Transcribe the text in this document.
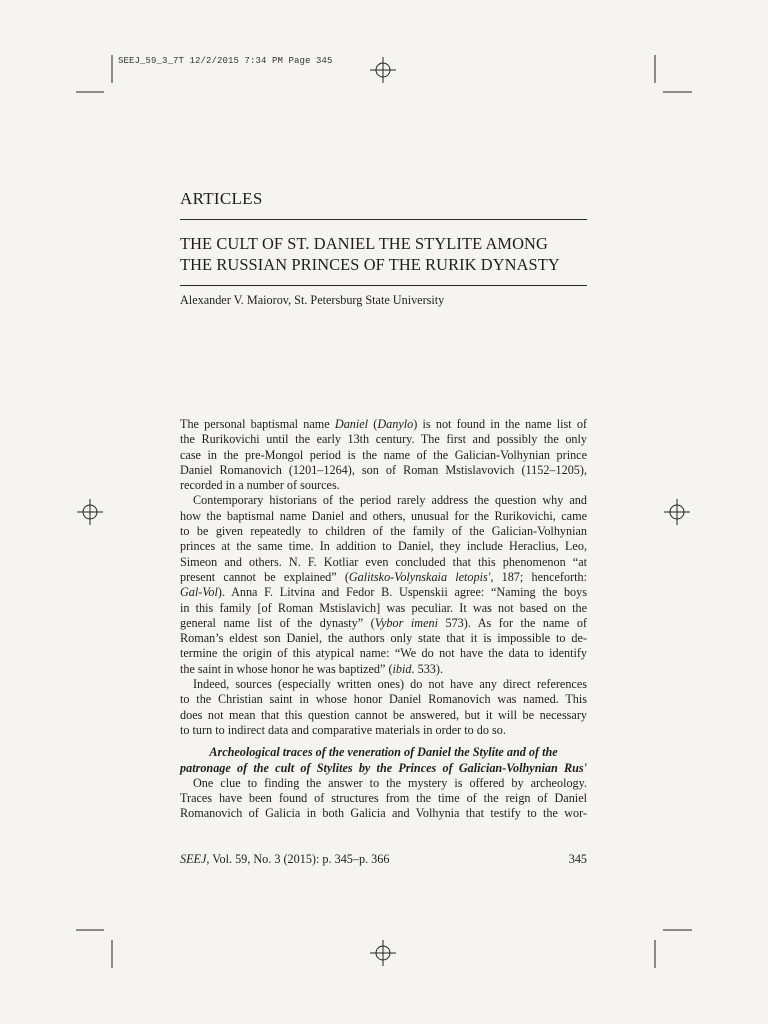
SEEJ_59_3_7T 12/2/2015 7:34 PM Page 345
ARTICLES
THE CULT OF ST. DANIEL THE STYLITE AMONG
THE RUSSIAN PRINCES OF THE RURIK DYNASTY
Alexander V. Maiorov, St. Petersburg State University
The personal baptismal name Daniel (Danylo) is not found in the name list of
the Rurikovichi until the early 13th century. The first and possibly the only
case in the pre-Mongol period is the name of the Galician-Volhynian prince
Daniel Romanovich (1201–1264), son of Roman Mstislavovich (1152–1205),
recorded in a number of sources.
Contemporary historians of the period rarely address the question why and
how the baptismal name Daniel and others, unusual for the Rurikovichi, came
to be given repeatedly to children of the family of the Galician-Volhynian
princes at the same time. In addition to Daniel, they include Heraclius, Leo,
Simeon and others. N. F. Kotliar even concluded that this phenomenon “at
present cannot be explained” (Galitsko-Volynskaia letopis', 187; henceforth:
Gal-Vol). Anna F. Litvina and Fedor B. Uspenskii agree: “Naming the boys
in this family [of Roman Mstislavich] was peculiar. It was not based on the
general name list of the dynasty” (Vybor imeni 573). As for the name of
Roman’s eldest son Daniel, the authors only state that it is impossible to de-
termine the origin of this atypical name: “We do not have the data to identify
the saint in whose honor he was baptized” (ibid. 533).
Indeed, sources (especially written ones) do not have any direct references
to the Christian saint in whose honor Daniel Romanovich was named. This
does not mean that this question cannot be answered, but it will be necessary
to turn to indirect data and comparative materials in order to do so.
Archeological traces of the veneration of Daniel the Stylite and of the
patronage of the cult of Stylites by the Princes of Galician-Volhynian Rus'
One clue to finding the answer to the mystery is offered by archeology.
Traces have been found of structures from the time of the reign of Daniel
Romanovich of Galicia in both Galicia and Volhynia that testify to the wor-
SEEJ, Vol. 59, No. 3 (2015): p. 345–p. 366	345
